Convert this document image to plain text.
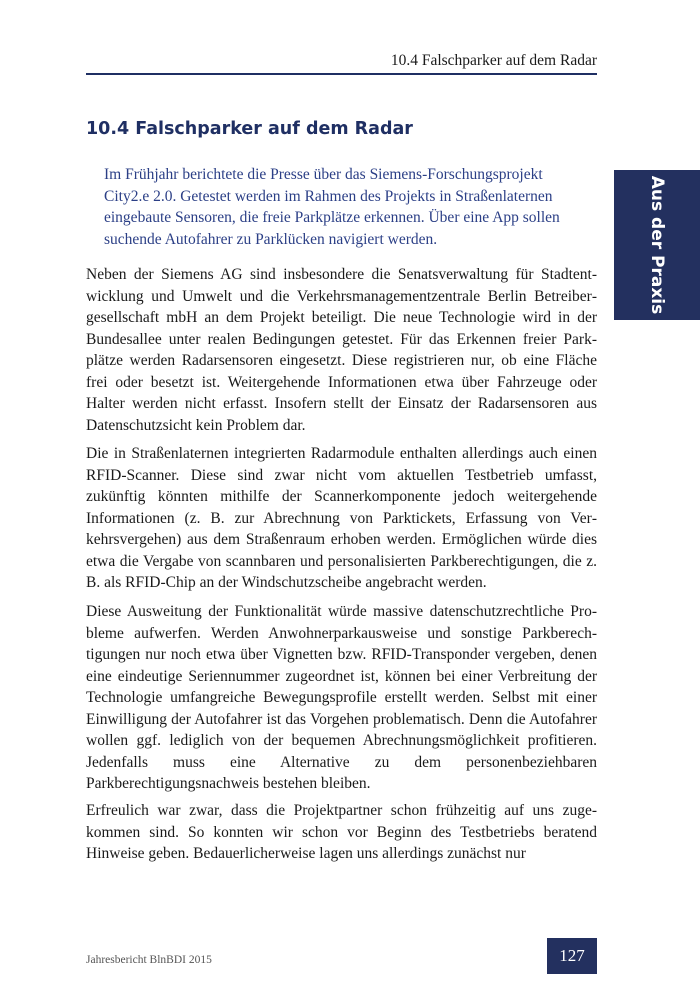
10.4 Falschparker auf dem Radar
10.4 Falschparker auf dem Radar

Im Frühjahr berichtete die Presse über das Siemens-Forschungsprojekt
City2.e 2.0. Getestet werden im Rahmen des Projekts in Straßenlaternen
eingebaute Sensoren, die freie Parkplätze erkennen. Über eine App sollen
suchende Autofahrer zu Parklücken navigiert werden.

Neben der Siemens AG sind insbesondere die Senatsverwaltung für Stadtentwicklung und Umwelt und die Verkehrsmanagementzentrale Berlin Betreibergesellschaft mbH an dem Projekt beteiligt. Die neue Technologie wird in der Bundesallee unter realen Bedingungen getestet. Für das Erkennen freier Parkplätze werden Radarsensoren eingesetzt. Diese registrieren nur, ob eine Fläche frei oder besetzt ist. Weitergehende Informationen etwa über Fahrzeuge oder Halter werden nicht erfasst. Insofern stellt der Einsatz der Radarsensoren aus Datenschutzsicht kein Problem dar.

Die in Straßenlaternen integrierten Radarmodule enthalten allerdings auch einen RFID-Scanner. Diese sind zwar nicht vom aktuellen Testbetrieb umfasst, zukünftig könnten mithilfe der Scannerkomponente jedoch weitergehende Informationen (z. B. zur Abrechnung von Parktickets, Erfassung von Verkehrsvergehen) aus dem Straßenraum erhoben werden. Ermöglichen würde dies etwa die Vergabe von scannbaren und personalisierten Parkberechtigungen, die z. B. als RFID-Chip an der Windschutzscheibe angebracht werden.

Diese Ausweitung der Funktionalität würde massive datenschutzrechtliche Probleme aufwerfen. Werden Anwohnerparkausweise und sonstige Parkberechtigungen nur noch etwa über Vignetten bzw. RFID-Transponder vergeben, denen eine eindeutige Seriennummer zugeordnet ist, können bei einer Verbreitung der Technologie umfangreiche Bewegungsprofile erstellt werden. Selbst mit einer Einwilligung der Autofahrer ist das Vorgehen problematisch. Denn die Autofahrer wollen ggf. lediglich von der bequemen Abrechnungsmöglichkeit profitieren. Jedenfalls muss eine Alternative zu dem personenbeziehbaren Parkberechtigungsnachweis bestehen bleiben.

Erfreulich war zwar, dass die Projektpartner schon frühzeitig auf uns zugekommen sind. So konnten wir schon vor Beginn des Testbetriebs beratend Hinweise geben. Bedauerlicherweise lagen uns allerdings zunächst nur

Aus der Praxis
Jahresbericht BlnBDI 2015	127
